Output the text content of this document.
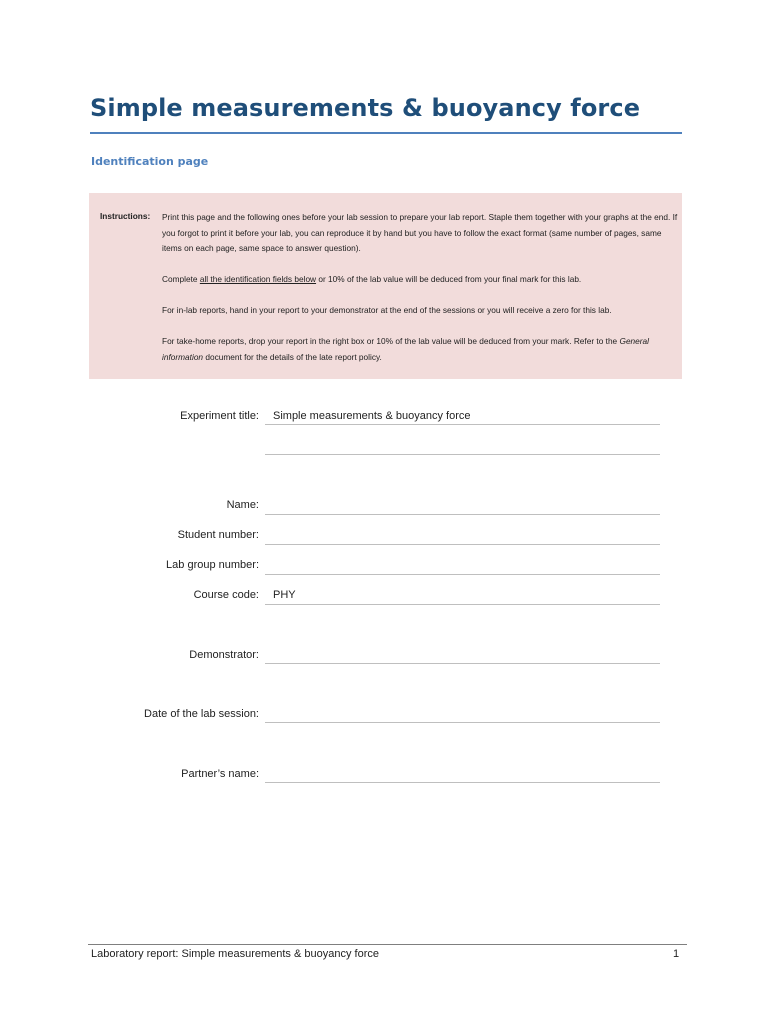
Simple measurements & buoyancy force
Identification page
Instructions: Print this page and the following ones before your lab session to prepare your lab report. Staple them together with your graphs at the end. If you forgot to print it before your lab, you can reproduce it by hand but you have to follow the exact format (same number of pages, same items on each page, same space to answer question).

Complete all the identification fields below or 10% of the lab value will be deduced from your final mark for this lab.

For in-lab reports, hand in your report to your demonstrator at the end of the sessions or you will receive a zero for this lab.

For take-home reports, drop your report in the right box or 10% of the lab value will be deduced from your mark. Refer to the General information document for the details of the late report policy.

Experiment title: Simple measurements & buoyancy force
Name:
Student number:
Lab group number:
Course code: PHY
Demonstrator:
Date of the lab session:
Partner’s name:
Laboratory report: Simple measurements & buoyancy force	1
